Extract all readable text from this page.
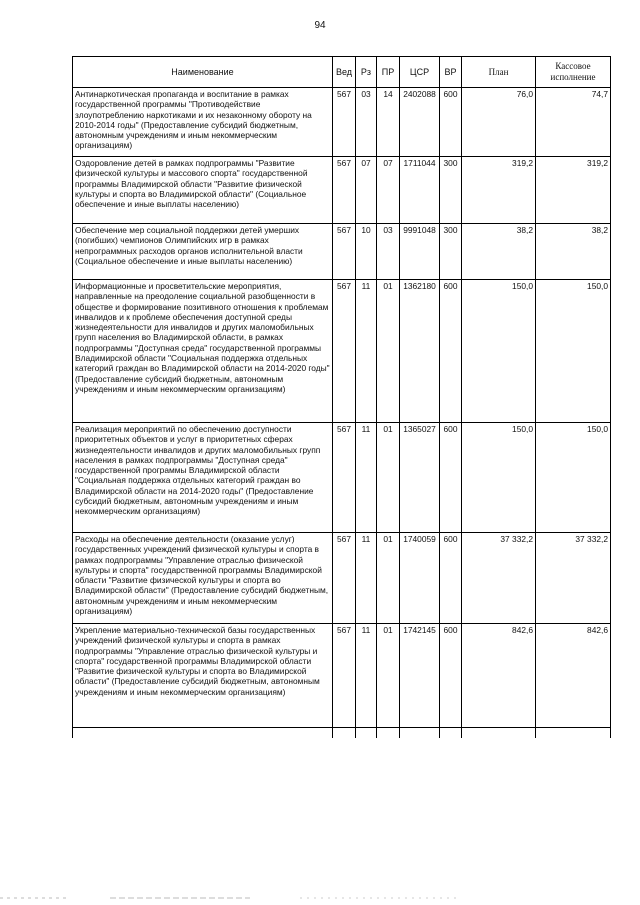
94
Наименование	Вед	Рз	ПР	ЦСР	ВР	План	Кассовое исполнение
Антинаркотическая пропаганда и воспитание в рамках государственной программы "Противодействие злоупотреблению наркотиками и их незаконному обороту на 2010-2014 годы" (Предоставление субсидий бюджетным, автономным учреждениям и иным некоммерческим организациям)	567	03	14	2402088	600	76,0	74,7
Оздоровление детей в рамках подпрограммы "Развитие физической культуры и массового спорта" государственной программы Владимирской области "Развитие физической культуры и спорта во Владимирской области" (Социальное обеспечение и иные выплаты населению)	567	07	07	1711044	300	319,2	319,2
Обеспечение мер социальной поддержки детей умерших (погибших) чемпионов Олимпийских игр в рамках непрограммных расходов органов исполнительной власти (Социальное обеспечение и иные выплаты населению)	567	10	03	9991048	300	38,2	38,2
Информационные и просветительские мероприятия, направленные на преодоление социальной разобщенности в обществе и формирование позитивного отношения к проблемам инвалидов и к проблеме обеспечения доступной среды жизнедеятельности для инвалидов и других маломобильных групп населения во Владимирской области, в рамках подпрограммы "Доступная среда" государственной программы Владимирской области "Социальная поддержка отдельных категорий граждан во Владимирской области на 2014-2020 годы" (Предоставление субсидий бюджетным, автономным учреждениям и иным некоммерческим организациям)	567	11	01	1362180	600	150,0	150,0
Реализация мероприятий по обеспечению доступности приоритетных объектов и услуг в приоритетных сферах жизнедеятельности инвалидов и других маломобильных групп населения в рамках подпрограммы "Доступная среда" государственной программы Владимирской области "Социальная поддержка отдельных категорий граждан во Владимирской области на 2014-2020 годы" (Предоставление субсидий бюджетным, автономным учреждениям и иным некоммерческим организациям)	567	11	01	1365027	600	150,0	150,0
Расходы на обеспечение деятельности (оказание услуг) государственных учреждений физической культуры и спорта в рамках подпрограммы "Управление отраслью физической культуры и спорта" государственной программы Владимирской области "Развитие физической культуры и спорта во Владимирской области" (Предоставление субсидий бюджетным, автономным учреждениям и иным некоммерческим организациям)	567	11	01	1740059	600	37 332,2	37 332,2
Укрепление материально-технической базы государственных учреждений физической культуры и спорта в рамках подпрограммы "Управление отраслью физической культуры и спорта" государственной программы Владимирской области "Развитие физической культуры и спорта во Владимирской области" (Предоставление субсидий бюджетным, автономным учреждениям и иным некоммерческим организациям)	567	11	01	1742145	600	842,6	842,6
